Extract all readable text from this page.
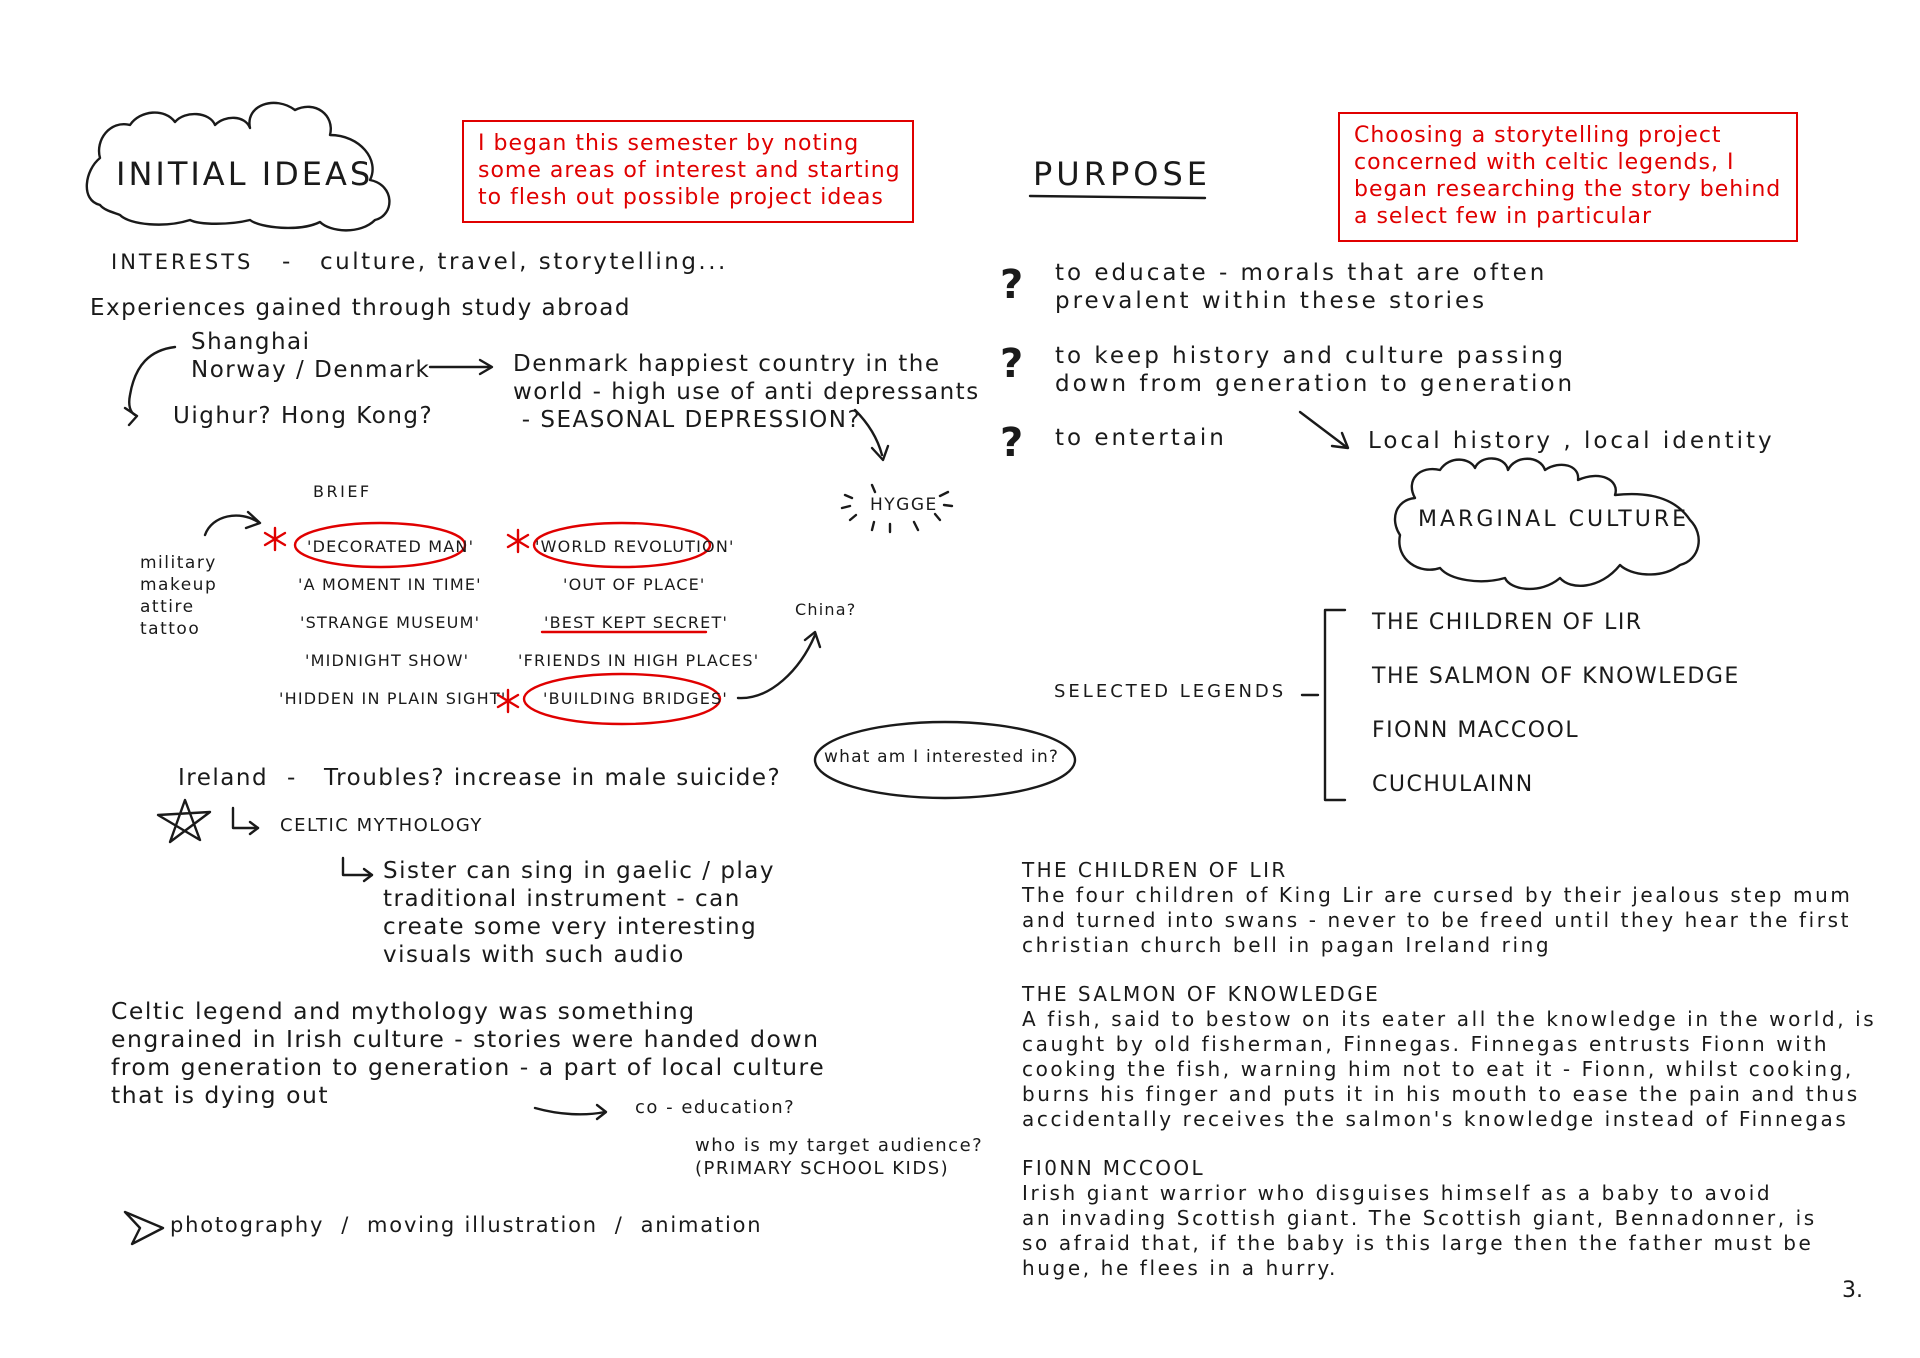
INITIAL IDEAS
I began this semester by noting
some areas of interest and starting
to flesh out possible project ideas
INTERESTS - culture, travel, storytelling...
Experiences gained through study abroad
Shanghai
Norway / Denmark
Uighur? Hong Kong?
Denmark happiest country in the
world - high use of anti depressants
- SEASONAL DEPRESSION?
HYGGE
BRIEF
military
makeup
attire
tattoo
'DECORATED MAN'
'A MOMENT IN TIME'
'STRANGE MUSEUM'
'MIDNIGHT SHOW'
'HIDDEN IN PLAIN SIGHT'
'WORLD REVOLUTION'
'OUT OF PLACE'
'BEST KEPT SECRET'
'FRIENDS IN HIGH PLACES'
'BUILDING BRIDGES'
China?
what am I interested in?
Ireland - Troubles? increase in male suicide?
CELTIC MYTHOLOGY
Sister can sing in gaelic / play
traditional instrument - can
create some very interesting
visuals with such audio
Celtic legend and mythology was something
engrained in Irish culture - stories were handed down
from generation to generation - a part of local culture
that is dying out	co - education?
who is my target audience?
(PRIMARY SCHOOL KIDS)
photography  /  moving illustration  /  animation
PURPOSE
Choosing a storytelling project
concerned with celtic legends, I
began researching the story behind
a select few in particular
?
?
?
to educate - morals that are often
prevalent within these stories
to keep history and culture passing
down from generation to generation
to entertain	Local history , local identity
MARGINAL CULTURE
SELECTED LEGENDS
THE CHILDREN OF LIR
THE SALMON OF KNOWLEDGE
FIONN MACCOOL
CUCHULAINN
THE CHILDREN OF LIR
The four children of King Lir are cursed by their jealous step mum
and turned into swans - never to be freed until they hear the first
christian church bell in pagan Ireland ring
THE SALMON OF KNOWLEDGE
A fish, said to bestow on its eater all the knowledge in the world, is
caught by old fisherman, Finnegas. Finnegas entrusts Fionn with
cooking the fish, warning him not to eat it - Fionn, whilst cooking,
burns his finger and puts it in his mouth to ease the pain and thus
accidentally receives the salmon's knowledge instead of Finnegas
FI0NN MCCOOL
Irish giant warrior who disguises himself as a baby to avoid
an invading Scottish giant. The Scottish giant, Bennadonner, is
so afraid that, if the baby is this large then the father must be
huge, he flees in a hurry.
3.
